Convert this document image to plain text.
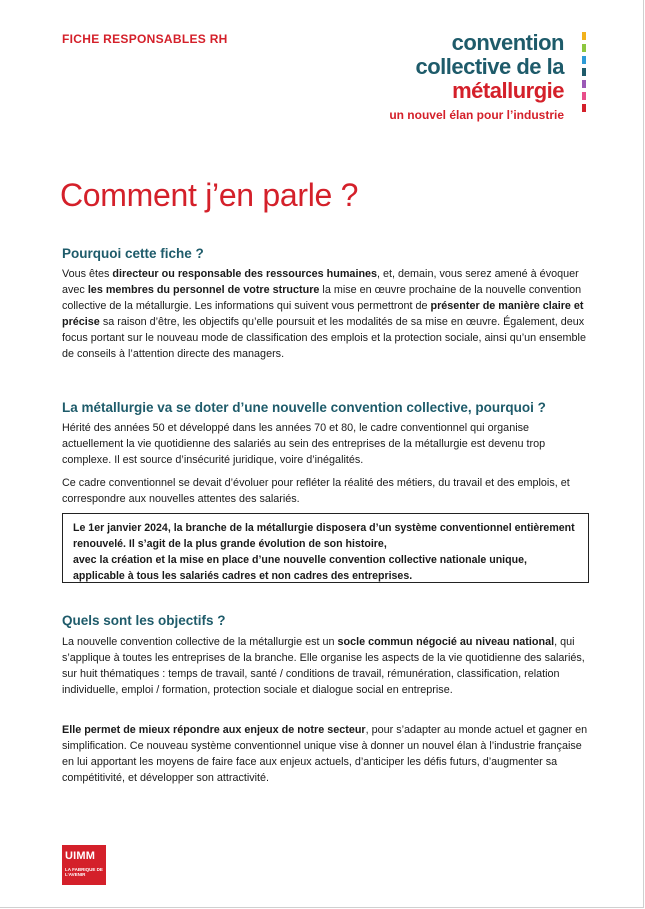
FICHE RESPONSABLES RH	convention
collective de la
métallurgie
un nouvel élan pour l’industrie
Comment j’en parle ?
Pourquoi cette fiche ?

Vous êtes directeur ou responsable des ressources humaines, et, demain, vous serez amené à évoquer avec les membres du personnel de votre structure la mise en œuvre prochaine de la nouvelle convention collective de la métallurgie. Les informations qui suivent vous permettront de présenter de manière claire et précise sa raison d’être, les objectifs qu’elle poursuit et les modalités de sa mise en œuvre. Également, deux focus portant sur le nouveau mode de classification des emplois et la protection sociale, ainsi qu’un ensemble de conseils à l’attention directe des managers.

La métallurgie va se doter d’une nouvelle convention collective, pourquoi ?

Hérité des années 50 et développé dans les années 70 et 80, le cadre conventionnel qui organise actuellement la vie quotidienne des salariés au sein des entreprises de la métallurgie est devenu trop complexe. Il est source d’insécurité juridique, voire d’inégalités.

Ce cadre conventionnel se devait d’évoluer pour refléter la réalité des métiers, du travail et des emplois, et correspondre aux nouvelles attentes des salariés.

Le 1er janvier 2024, la branche de la métallurgie disposera d’un système conventionnel entièrement renouvelé. Il s’agit de la plus grande évolution de son histoire,
avec la création et la mise en place d’une nouvelle convention collective nationale unique, applicable à tous les salariés cadres et non cadres des entreprises.
Quels sont les objectifs ?

La nouvelle convention collective de la métallurgie est un socle commun négocié au niveau national, qui s’applique à toutes les entreprises de la branche. Elle organise les aspects de la vie quotidienne des salariés, sur huit thématiques : temps de travail, santé / conditions de travail, rémunération, classification, relation individuelle, emploi / formation, protection sociale et dialogue social en entreprise.

Elle permet de mieux répondre aux enjeux de notre secteur, pour s’adapter au monde actuel et gagner en simplification. Ce nouveau système conventionnel unique vise à donner un nouvel élan à l’industrie française en lui apportant les moyens de faire face aux enjeux actuels, d’anticiper les défis futurs, d’augmenter sa compétitivité, et développer son attractivité.

UIMM
LA FABRIQUE DE L’AVENIR
